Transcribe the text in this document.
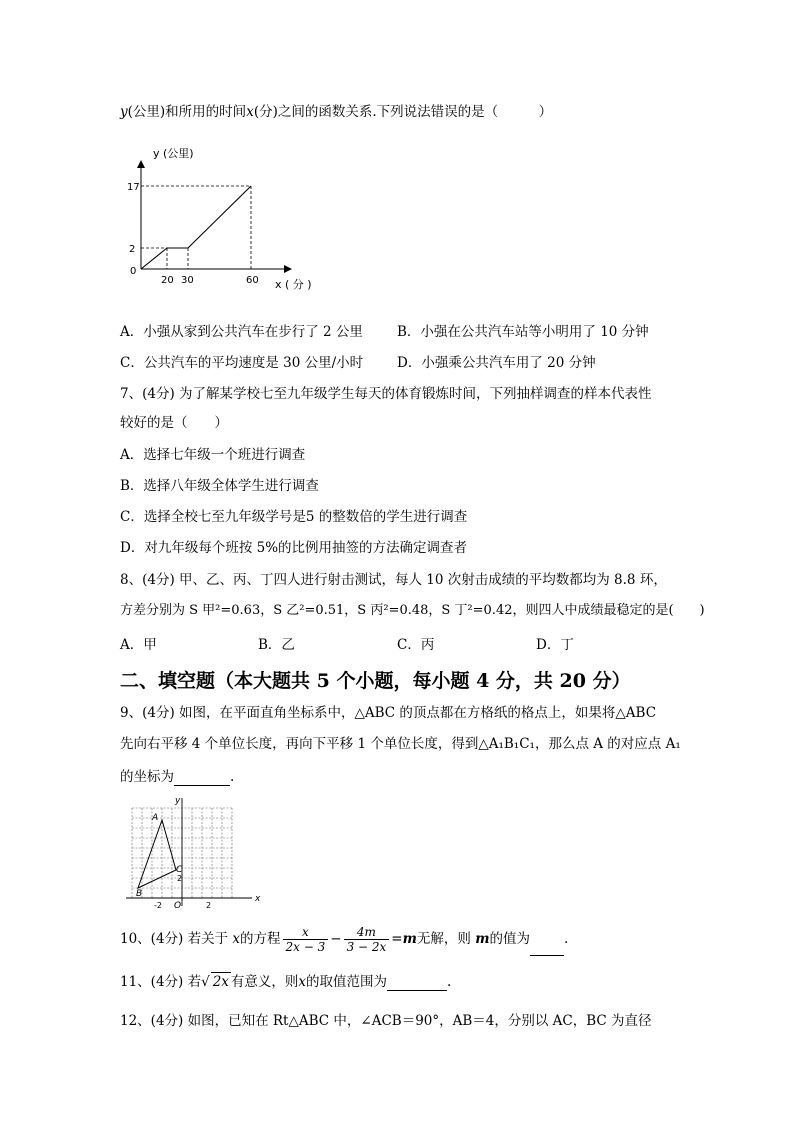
y(公里)和所用的时间x(分)之间的函数关系.下列说法错误的是（　　　）
y (公里)
x ( 分 )
17
2
0
20 30	60
A．小强从家到公共汽车在步行了 2 公里	B．小强在公共汽车站等小明用了 10 分钟
C．公共汽车的平均速度是 30 公里/小时	D．小强乘公共汽车用了 20 分钟
7、(4分) 为了解某学校七至九年级学生每天的体育锻炼时间，下列抽样调查的样本代表性
较好的是（　　）
A．选择七年级一个班进行调查
B．选择八年级全体学生进行调查
C．选择全校七至九年级学号是5 的整数倍的学生进行调查
D．对九年级每个班按 5%的比例用抽签的方法确定调查者
8、(4分) 甲、乙、丙、丁四人进行射击测试，每人 10 次射击成绩的平均数都均为 8.8 环，
方差分别为 S 甲²=0.63，S 乙²=0.51，S 丙²=0.48，S 丁²=0.42，则四人中成绩最稳定的是(　　)
A．甲	B．乙	C．丙	D．丁
二、填空题（本大题共 5 个小题，每小题 4 分，共 20 分）
9、(4分) 如图，在平面直角坐标系中，△ABC 的顶点都在方格纸的格点上，如果将△ABC
先向右平移 4 个单位长度，再向下平移 1 个单位长度，得到△A₁B₁C₁，那么点 A 的对应点 A₁
的坐标为	.
x
y
A
B
C
O
-2	2
2
10、(4分) 若关于 x的方程 $\frac{x}{2x - 3} - \frac{4m}{3 - 2x} =m$无解，则 m的值为	.
11、(4分) 若√ 2x 有意义，则x的取值范围为	.
12、(4分) 如图，已知在 Rt△ABC 中，∠ACB＝90°，AB＝4，分别以 AC，BC 为直径
